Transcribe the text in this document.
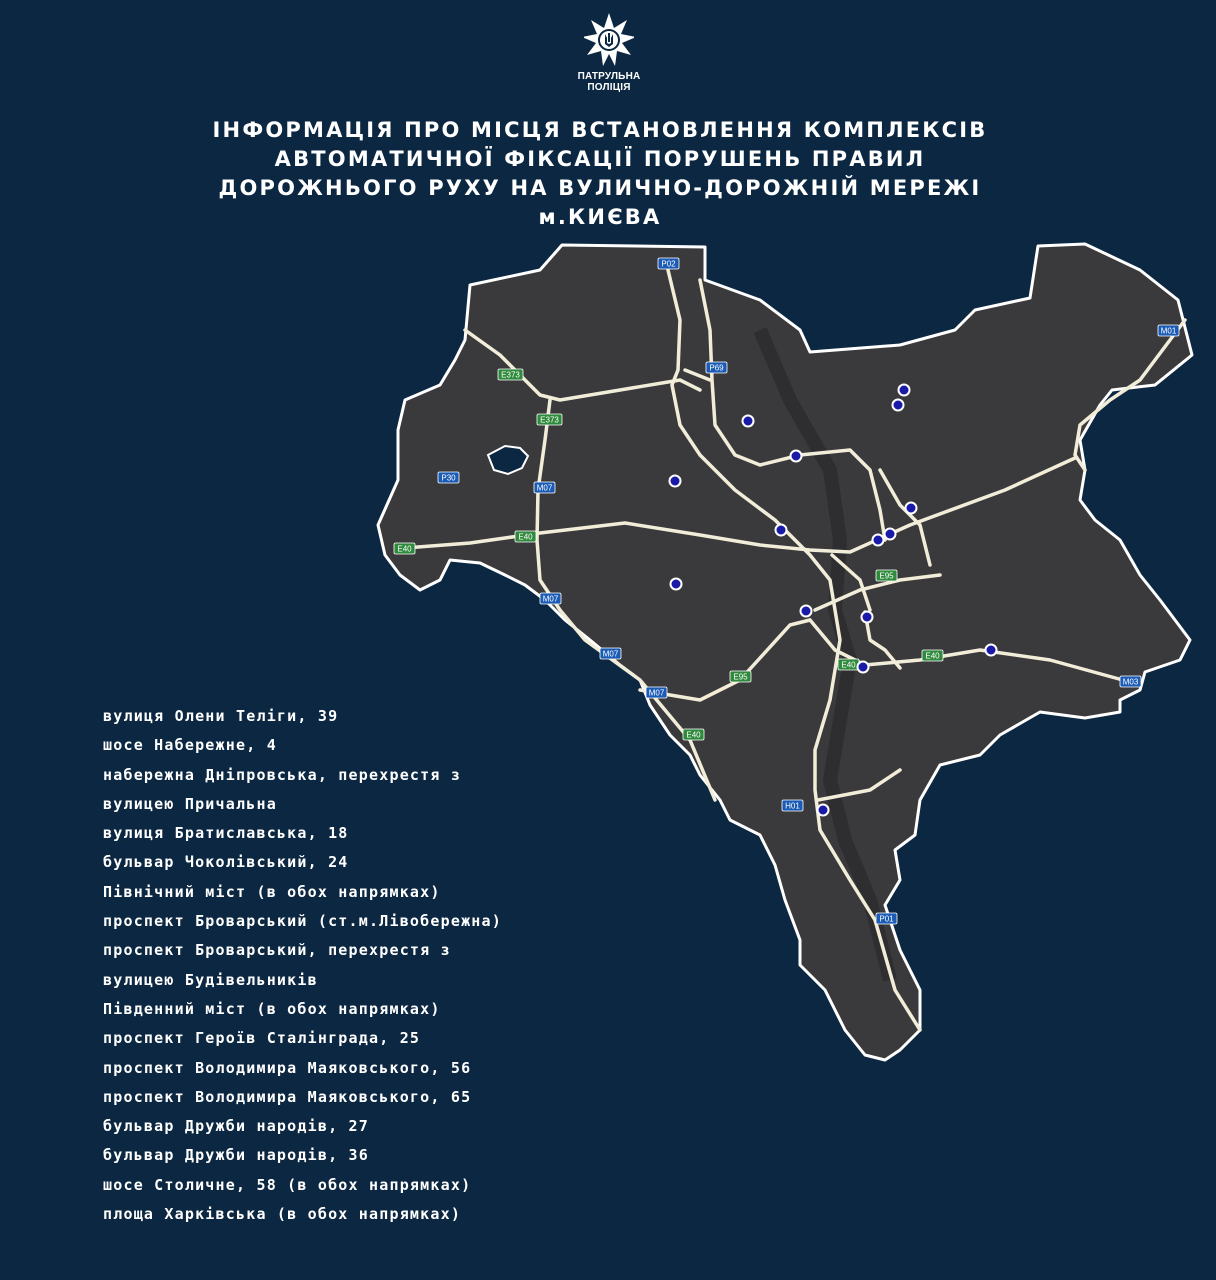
ПАТРУЛЬНА
ПОЛІЦІЯ
ІНФОРМАЦІЯ ПРО МІСЦЯ ВСТАНОВЛЕННЯ КОМПЛЕКСІВ
АВТОМАТИЧНОЇ ФІКСАЦІЇ ПОРУШЕНЬ ПРАВИЛ
ДОРОЖНЬОГО РУХУ НА ВУЛИЧНО-ДОРОЖНІЙ МЕРЕЖІ
м.КИЄВА
P02
M01
P69
E373
E373
P30
M07
E40
E40
M07
M07
M07
E95
E95
E40
E40
E40
M03
H01
P01
вулиця Олени Теліги, 39
шосе Набережне, 4
набережна Дніпровська, перехрестя з
вулицею Причальна
вулиця Братиславська, 18
бульвар Чоколівський, 24
Північний міст (в обох напрямках)
проспект Броварський (ст.м.Лівобережна)
проспект Броварський, перехрестя з
вулицею Будівельників
Південний міст (в обох напрямках)
проспект Героїв Сталінграда, 25
проспект Володимира Маяковського, 56
проспект Володимира Маяковського, 65
бульвар Дружби народів, 27
бульвар Дружби народів, 36
шосе Столичне, 58 (в обох напрямках)
площа Харківська (в обох напрямках)
